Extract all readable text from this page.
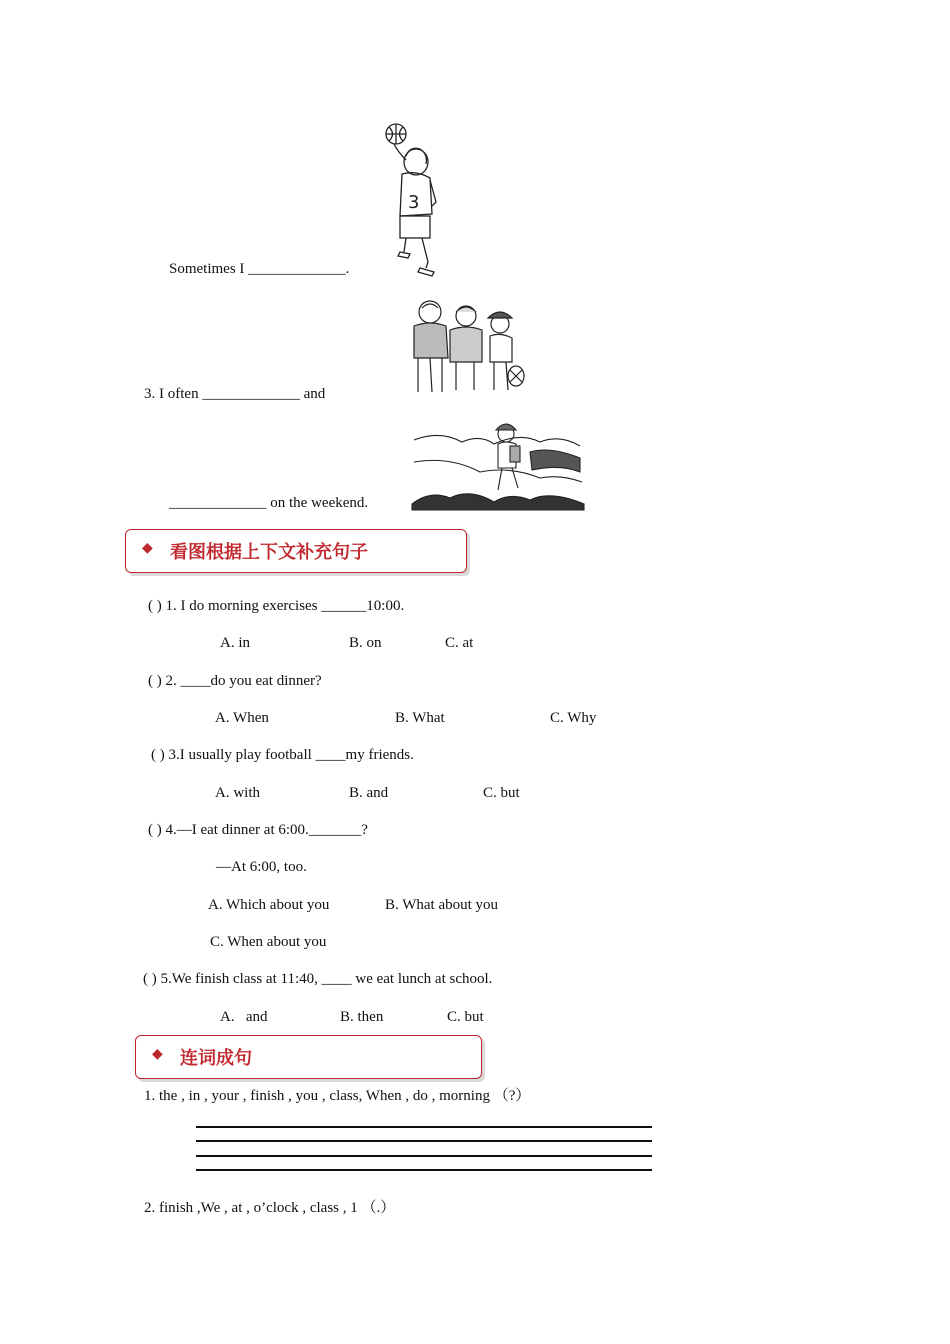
3
Sometimes I _____________.
3. I often _____________ and
_____________ on the weekend.
◆ 看图根据上下文补充句子
( ) 1. I do morning exercises ______10:00.
A. in	B. on	C. at
( ) 2. ____do you eat dinner?
A. When	B. What	C. Why
( ) 3.I usually play football ____my friends.
A. with	B. and	C. but
( ) 4.—I eat dinner at 6:00._______?
—At 6:00, too.
A. Which about you	B. What about you
C. When about you
( ) 5.We finish class at 11:40, ____ we eat lunch at school.
A.   and	B. then	C. but
◆ 连词成句
1. the , in , your , finish , you , class, When , do , morning （?）
2. finish ,We , at , o’clock , class , 1 （.）
